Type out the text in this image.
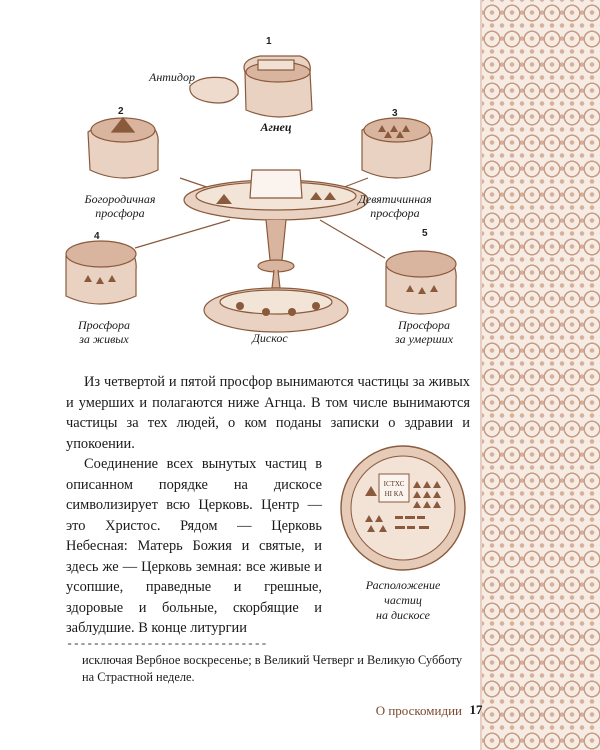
1
2	3
4	5
Антидор
Агнец
Богородичная
просфора
Девятичинная
просфора
Просфора
за живых	Дискос
Просфора
за умерших
Из четвертой и пятой просфор вынимаются частицы за живых и умерших и полагаются ниже Агнца. В том числе вынимаются частицы за тех людей, о ком поданы записки о здравии и упокоении.
Соединение всех вынутых частиц в описанном порядке на дискосе символизирует всю Церковь. Центр — это Христос. Рядом — Церковь Небесная: Матерь Божия и святые, и здесь же — Церковь земная: все живые и усопшие, праведные и грешные, здоровые и больные, скорбящие и заблудшие. В конце литургии
ІСТХС
НІ КА
Расположение
частиц
на дискосе
------------------------------
исключая Вербное воскресенье; в Великий Четверг и Великую Субботу на Страстной неделе.
О проскомидии 17
